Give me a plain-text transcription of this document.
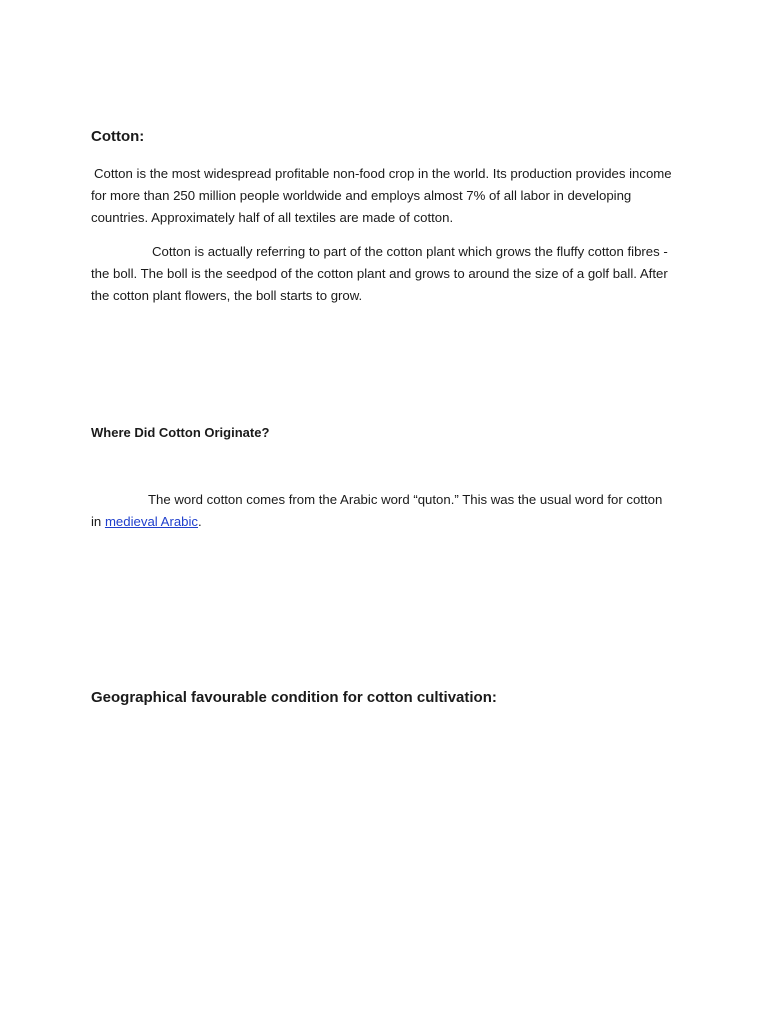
Cotton:

Cotton is the most widespread profitable non-food crop in the world. Its production provides income for more than 250 million people worldwide and employs almost 7% of all labor in developing countries. Approximately half of all textiles are made of cotton.

Cotton is actually referring to part of the cotton plant which grows the fluffy cotton fibres - the boll. The boll is the seedpod of the cotton plant and grows to around the size of a golf ball. After the cotton plant flowers, the boll starts to grow.

Where Did Cotton Originate?

The word cotton comes from the Arabic word “quton.” This was the usual word for cotton in medieval Arabic.

Geographical favourable condition for cotton cultivation:
